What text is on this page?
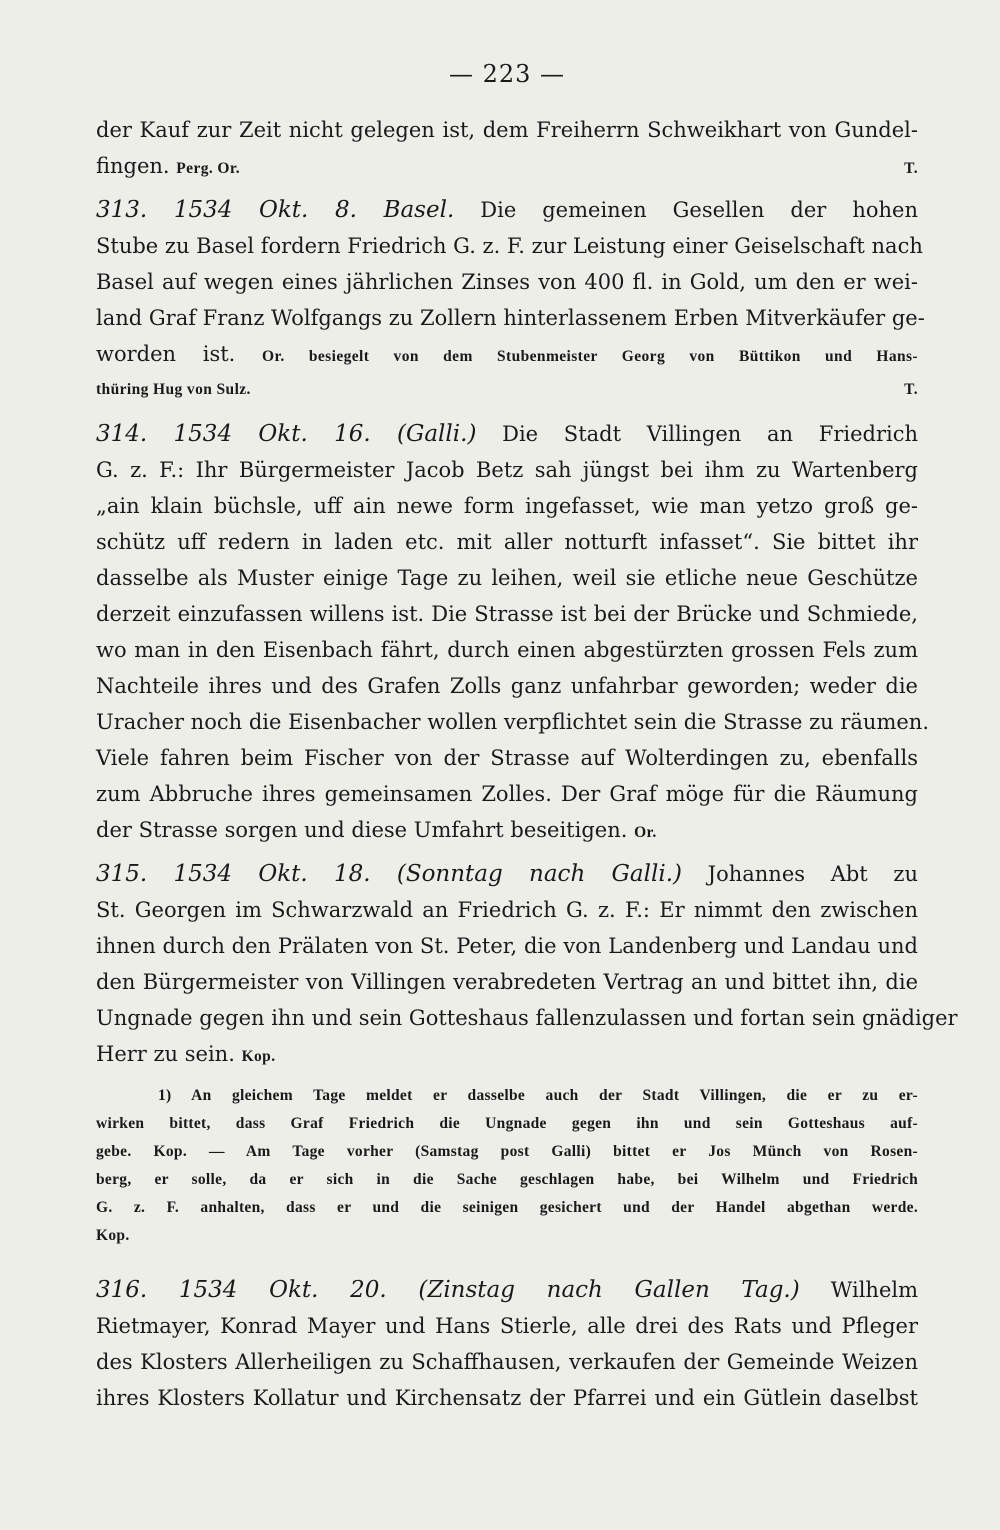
— 223 —
der Kauf zur Zeit nicht gelegen ist, dem Freiherrn Schweikhart von Gundel-
fingen. Perg. Or.	T.
313. 1534 Okt. 8. Basel. Die gemeinen Gesellen der hohen
Stube zu Basel fordern Friedrich G. z. F. zur Leistung einer Geiselschaft nach
Basel auf wegen eines jährlichen Zinses von 400 fl. in Gold, um den er wei-
land Graf Franz Wolfgangs zu Zollern hinterlassenem Erben Mitverkäufer ge-
worden ist. Or. besiegelt von dem Stubenmeister Georg von Büttikon und Hans-
thüring Hug von Sulz.	T.
314. 1534 Okt. 16. (Galli.) Die Stadt Villingen an Friedrich
G. z. F.: Ihr Bürgermeister Jacob Betz sah jüngst bei ihm zu Wartenberg
„ain klain büchsle, uff ain newe form ingefasset, wie man yetzo groß ge-
schütz uff redern in laden etc. mit aller notturft infasset“. Sie bittet ihr
dasselbe als Muster einige Tage zu leihen, weil sie etliche neue Geschütze
derzeit einzufassen willens ist. Die Strasse ist bei der Brücke und Schmiede,
wo man in den Eisenbach fährt, durch einen abgestürzten grossen Fels zum
Nachteile ihres und des Grafen Zolls ganz unfahrbar geworden; weder die
Uracher noch die Eisenbacher wollen verpflichtet sein die Strasse zu räumen.
Viele fahren beim Fischer von der Strasse auf Wolterdingen zu, ebenfalls
zum Abbruche ihres gemeinsamen Zolles. Der Graf möge für die Räumung
der Strasse sorgen und diese Umfahrt beseitigen. Or.
315. 1534 Okt. 18. (Sonntag nach Galli.) Johannes Abt zu
St. Georgen im Schwarzwald an Friedrich G. z. F.: Er nimmt den zwischen
ihnen durch den Prälaten von St. Peter, die von Landenberg und Landau und
den Bürgermeister von Villingen verabredeten Vertrag an und bittet ihn, die
Ungnade gegen ihn und sein Gotteshaus fallenzulassen und fortan sein gnädiger
Herr zu sein. Kop.
1) An gleichem Tage meldet er dasselbe auch der Stadt Villingen, die er zu er-
wirken bittet, dass Graf Friedrich die Ungnade gegen ihn und sein Gotteshaus auf-
gebe. Kop. — Am Tage vorher (Samstag post Galli) bittet er Jos Münch von Rosen-
berg, er solle, da er sich in die Sache geschlagen habe, bei Wilhelm und Friedrich
G. z. F. anhalten, dass er und die seinigen gesichert und der Handel abgethan werde.
Kop.
316. 1534 Okt. 20. (Zinstag nach Gallen Tag.) Wilhelm
Rietmayer, Konrad Mayer und Hans Stierle, alle drei des Rats und Pfleger
des Klosters Allerheiligen zu Schaffhausen, verkaufen der Gemeinde Weizen
ihres Klosters Kollatur und Kirchensatz der Pfarrei und ein Gütlein daselbst
